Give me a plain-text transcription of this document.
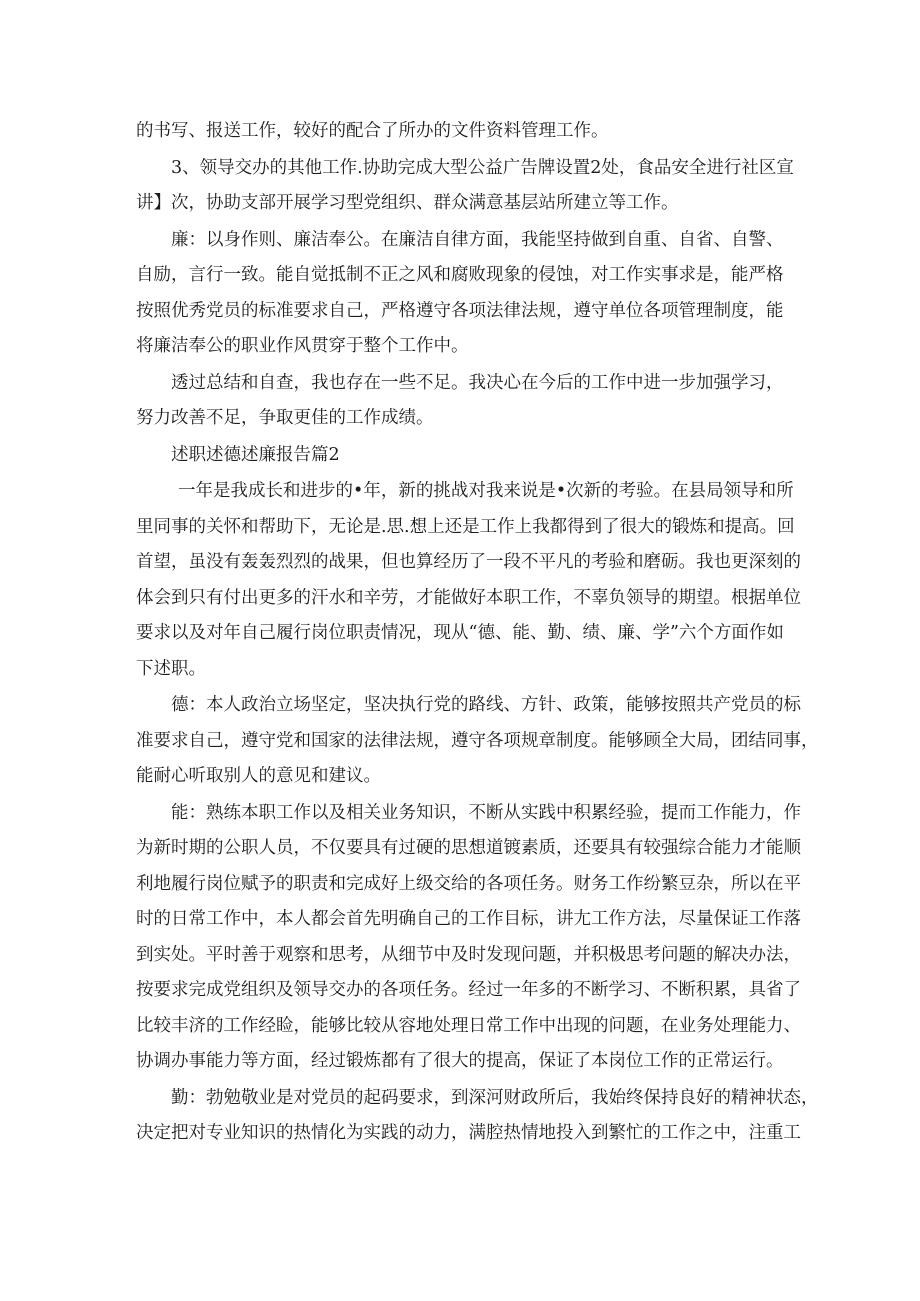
的书写、报送工作，较好的配合了所办的文件资料管理工作。
3、领导交办的其他工作.协助完成大型公益广告牌设置2处，食品安全进行社区宣
讲】次，协助支部开展学习型党组织、群众满意基层站所建立等工作。
廉：以身作则、廉洁奉公。在廉洁自律方面，我能坚持做到自重、自省、自警、
自励，言行一致。能自觉抵制不正之风和腐败现象的侵蚀，对工作实事求是，能严格
按照优秀党员的标准要求自己，严格遵守各项法律法规，遵守单位各项管理制度，能
将廉洁奉公的职业作风贯穿于整个工作中。
透过总结和自查，我也存在一些不足。我决心在今后的工作中进一步加强学习，
努力改善不足，争取更佳的工作成绩。
述职述德述廉报告篇2
一年是我成长和进步的•年，新的挑战对我来说是•次新的考验。在县局领导和所
里同事的关怀和帮助下，无论是.思.想上还是工作上我都得到了很大的锻炼和提高。回
首望，虽没有轰轰烈烈的战果，但也算经历了一段不平凡的考验和磨砺。我也更深刻的
体会到只有付出更多的汗水和辛劳，才能做好本职工作，不辜负领导的期望。根据单位
要求以及对年自己履行岗位职责情况，现从“德、能、勤、绩、廉、学”六个方面作如
下述职。
德：本人政治立场坚定，坚决执行党的路线、方针、政策，能够按照共产党员的标
准要求自己，遵守党和国家的法律法规，遵守各项规章制度。能够顾全大局，团结同事，
能耐心听取别人的意见和建议。
能：熟练本职工作以及相关业务知识，不断从实践中积累经验，提而工作能力，作
为新时期的公职人员，不仅要具有过硬的思想道镀素质，还要具有较强综合能力才能顺
利地履行岗位赋予的职责和完成好上级交给的各项任务。财务工作纷繁豆杂，所以在平
时的日常工作中，本人都会首先明确自己的工作目标，讲尢工作方法，尽量保证工作落
到实处。平时善于观察和思考，从细节中及时发现问题，并积极思考问题的解决办法，
按要求完成党组织及领导交办的各项任务。经过一年多的不断学习、不断积累，具省了
比较丰济的工作经睑，能够比较从容地处理日常工作中出现的问题，在业务处理能力、
协调办事能力等方面，经过锻炼都有了很大的提高，保证了本岗位工作的正常运行。
勤：勃勉敬业是对党员的起码要求，到深河财政所后，我始终保持良好的精神状态，
决定把对专业知识的热情化为实践的动力，满腔热情地投入到繁忙的工作之中，注重工
